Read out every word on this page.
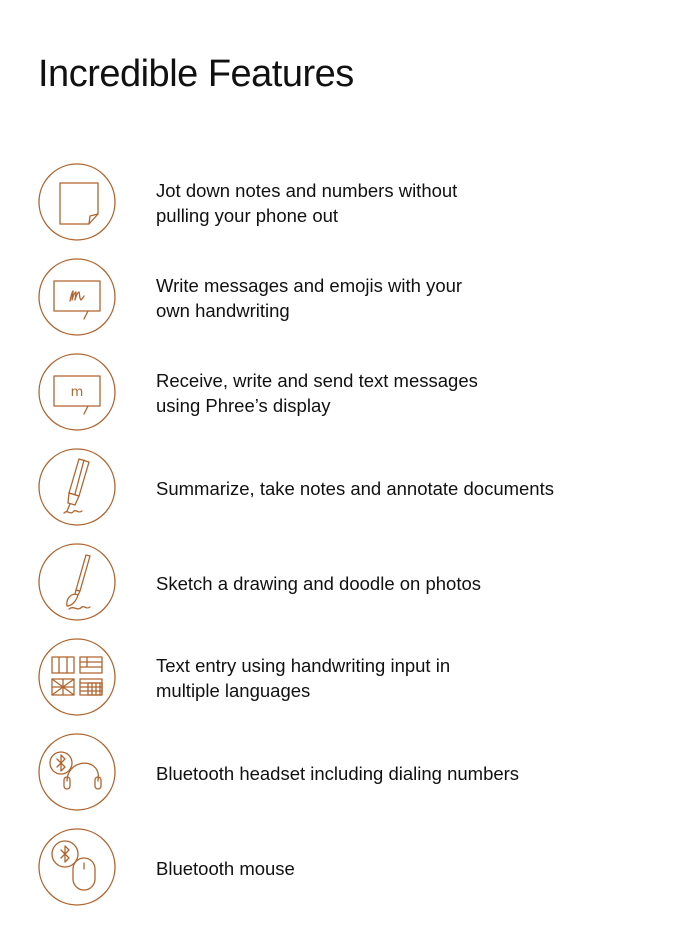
Incredible Features
Jot down notes and numbers without
pulling your phone out
Write messages and emojis with your
own handwriting
m
Receive, write and send text messages
using Phree’s display
Summarize, take notes and annotate documents
Sketch a drawing and doodle on photos
Text entry using handwriting input in
multiple languages
Bluetooth headset including dialing numbers
Bluetooth mouse
